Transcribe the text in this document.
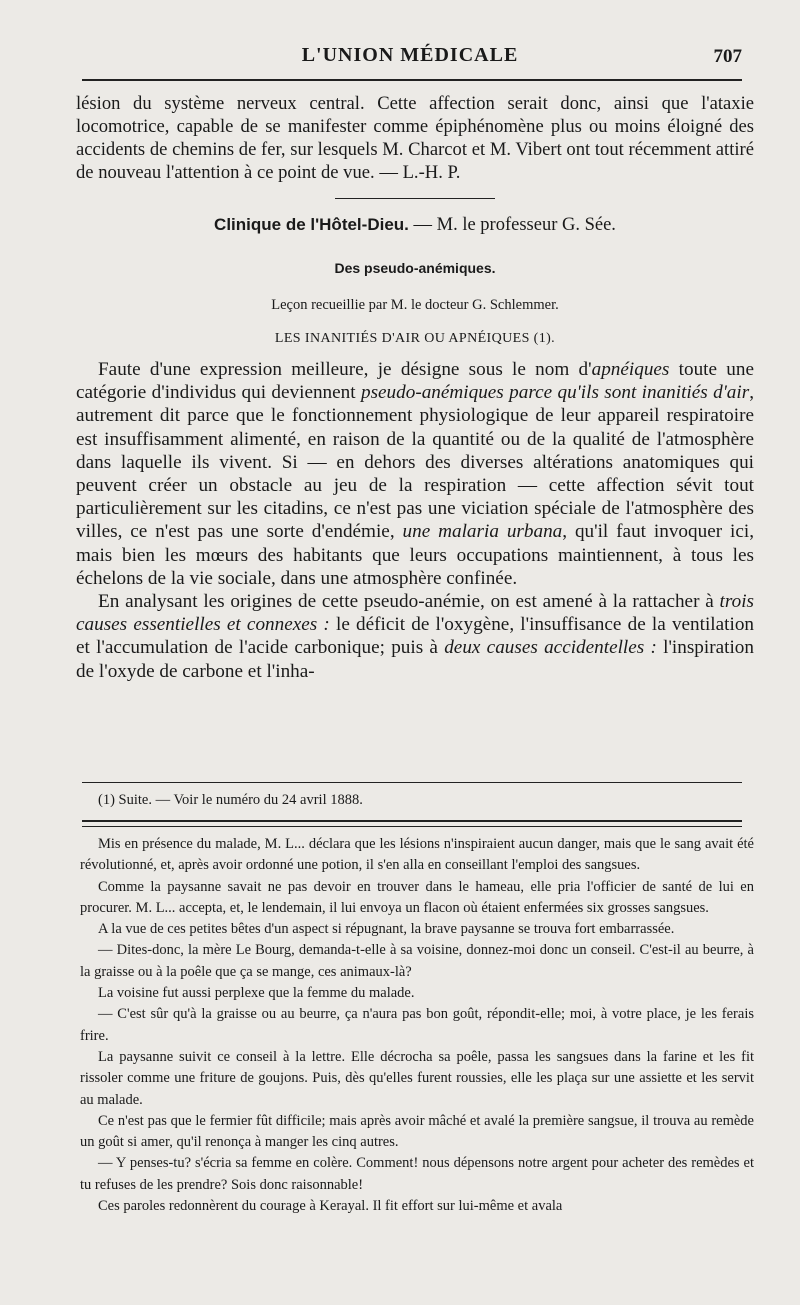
L'UNION MÉDICALE	707

lésion du système nerveux central. Cette affection serait donc, ainsi que l'ataxie locomotrice, capable de se manifester comme épiphénomène plus ou moins éloigné des accidents de chemins de fer, sur lesquels M. Charcot et M. Vibert ont tout récemment attiré de nouveau l'attention à ce point de vue. — L.-H. P.

Clinique de l'Hôtel-Dieu. — M. le professeur G. Sée.
Des pseudo-anémiques.
Leçon recueillie par M. le docteur G. Schlemmer.
LES INANITIÉS D'AIR OU APNÉIQUES (1).

Faute d'une expression meilleure, je désigne sous le nom d'apnéiques toute une catégorie d'individus qui deviennent pseudo-anémiques parce qu'ils sont inanitiés d'air, autrement dit parce que le fonctionnement physiologique de leur appareil respiratoire est insuffisamment alimenté, en raison de la quantité ou de la qualité de l'atmosphère dans laquelle ils vivent. Si — en dehors des diverses altérations anatomiques qui peuvent créer un obstacle au jeu de la respiration — cette affection sévit tout particulièrement sur les citadins, ce n'est pas une viciation spéciale de l'atmosphère des villes, ce n'est pas une sorte d'endémie, une malaria urbana, qu'il faut invoquer ici, mais bien les mœurs des habitants que leurs occupations maintiennent, à tous les échelons de la vie sociale, dans une atmosphère confinée.

En analysant les origines de cette pseudo-anémie, on est amené à la rattacher à trois causes essentielles et connexes : le déficit de l'oxygène, l'insuffisance de la ventilation et l'accumulation de l'acide carbonique; puis à deux causes accidentelles : l'inspiration de l'oxyde de carbone et l'inha-

(1) Suite. — Voir le numéro du 24 avril 1888.

Mis en présence du malade, M. L... déclara que les lésions n'inspiraient aucun danger, mais que le sang avait été révolutionné, et, après avoir ordonné une potion, il s'en alla en conseillant l'emploi des sangsues.

Comme la paysanne savait ne pas devoir en trouver dans le hameau, elle pria l'officier de santé de lui en procurer. M. L... accepta, et, le lendemain, il lui envoya un flacon où étaient enfermées six grosses sangsues.

A la vue de ces petites bêtes d'un aspect si répugnant, la brave paysanne se trouva fort embarrassée.

— Dites-donc, la mère Le Bourg, demanda-t-elle à sa voisine, donnez-moi donc un conseil. C'est-il au beurre, à la graisse ou à la poêle que ça se mange, ces animaux-là?

La voisine fut aussi perplexe que la femme du malade.

— C'est sûr qu'à la graisse ou au beurre, ça n'aura pas bon goût, répondit-elle; moi, à votre place, je les ferais frire.

La paysanne suivit ce conseil à la lettre. Elle décrocha sa poêle, passa les sangsues dans la farine et les fit rissoler comme une friture de goujons. Puis, dès qu'elles furent roussies, elle les plaça sur une assiette et les servit au malade.

Ce n'est pas que le fermier fût difficile; mais après avoir mâché et avalé la première sangsue, il trouva au remède un goût si amer, qu'il renonça à manger les cinq autres.

— Y penses-tu? s'écria sa femme en colère. Comment! nous dépensons notre argent pour acheter des remèdes et tu refuses de les prendre? Sois donc raisonnable!

Ces paroles redonnèrent du courage à Kerayal. Il fit effort sur lui-même et avala
